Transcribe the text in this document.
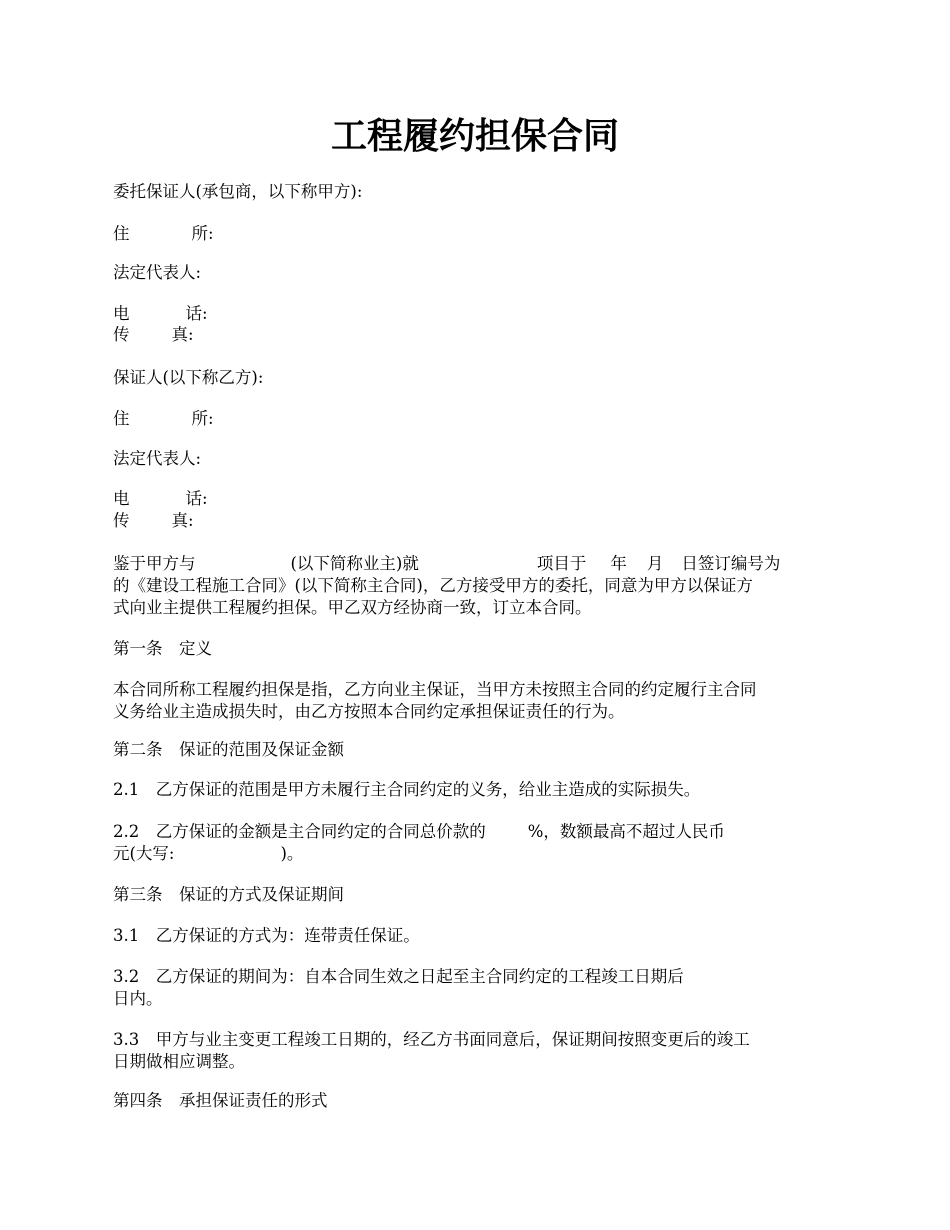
工程履约担保合同

委托保证人(承包商，以下称甲方):

住	所:

法定代表人:

电	话:

传	真:

保证人(以下称乙方):

住	所:

法定代表人:

电	话:

传	真:

鉴于甲方与	(以下简称业主)就	项目于 年 月 日签订编号为

的《建设工程施工合同》(以下简称主合同)，乙方接受甲方的委托，同意为甲方以保证方

式向业主提供工程履约担保。甲乙双方经协商一致，订立本合同。

第一条　定义

本合同所称工程履约担保是指，乙方向业主保证，当甲方未按照主合同的约定履行主合同

义务给业主造成损失时，由乙方按照本合同约定承担保证责任的行为。

第二条　保证的范围及保证金额

2.1　乙方保证的范围是甲方未履行主合同约定的义务，给业主造成的实际损失。

2.2　乙方保证的金额是主合同约定的合同总价款的	%，数额最高不超过人民币

元(大写:	)。

第三条　保证的方式及保证期间

3.1　乙方保证的方式为：连带责任保证。

3.2　乙方保证的期间为：自本合同生效之日起至主合同约定的工程竣工日期后

日内。

3.3　甲方与业主变更工程竣工日期的，经乙方书面同意后，保证期间按照变更后的竣工

日期做相应调整。

第四条　承担保证责任的形式
